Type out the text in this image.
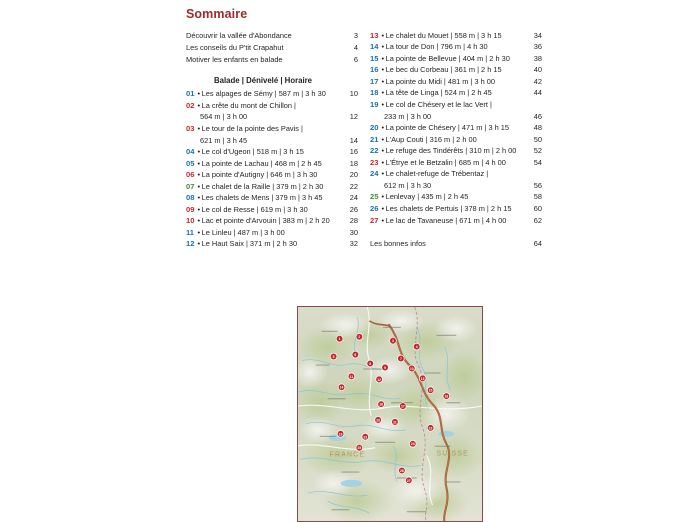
Sommaire
Découvrir la vallée d'Abondance	3
Les conseils du P'tit Crapahut	4
Motiver les enfants en balade	6
Balade | Dénivelé | Horaire
01 • Les alpages de Sémy | 587 m | 3 h 30	10
02 • La crête du mont de Chillon |
564 m | 3 h 00	12
03 • Le tour de la pointe des Pavis |
621 m | 3 h 45	14
04 • Le col d'Ugeon | 518 m | 3 h 15	16
05 • La pointe de Lachau | 468 m | 2 h 45	18
06 • La pointe d'Autigny | 646 m | 3 h 30	20
07 • Le chalet de la Raille | 379 m | 2 h 30	22
08 • Les chalets de Mens | 379 m | 3 h 45	24
09 • Le col de Resse | 619 m | 3 h 30	26
10 • Lac et pointe d'Arvouin | 383 m | 2 h 20	28
11 • Le Linleu | 487 m | 3 h 00	30
12 • Le Haut Saix | 371 m | 2 h 30	32
13 • Le chalet du Mouet | 558 m | 3 h 15	34
14 • La tour de Don | 796 m | 4 h 30	36
15 • La pointe de Bellevue | 404 m | 2 h 30	38
16 • Le bec du Corbeau | 361 m | 2 h 15	40
17 • La pointe du Midi | 481 m | 3 h 00	42
18 • La tête de Linga | 524 m | 2 h 45	44
19 • Le col de Chésery et le lac Vert |
233 m | 3 h 00	46
20 • La pointe de Chésery | 471 m | 3 h 15	48
21 • L'Aup Couti | 316 m | 2 h 00	50
22 • Le refuge des Tindérêts | 310 m | 2 h 00	52
23 • L'Étrye et le Betzalin | 685 m | 4 h 00	54
24 • Le chalet-refuge de Trébentaz |
612 m | 3 h 30	56
25 • Lenlevay | 435 m | 2 h 45	58
26 • Les chalets de Pertuis | 378 m | 2 h 15	60
27 • Le lac de Tavaneuse | 671 m | 4 h 00	62
Les bonnes infos	64
FRANCE	SUISSE
1	2
3
4
5	6
7
8
9	10
11
12	13
14
15
16	17
18
19
20	21
22
23
24
25
26
27
